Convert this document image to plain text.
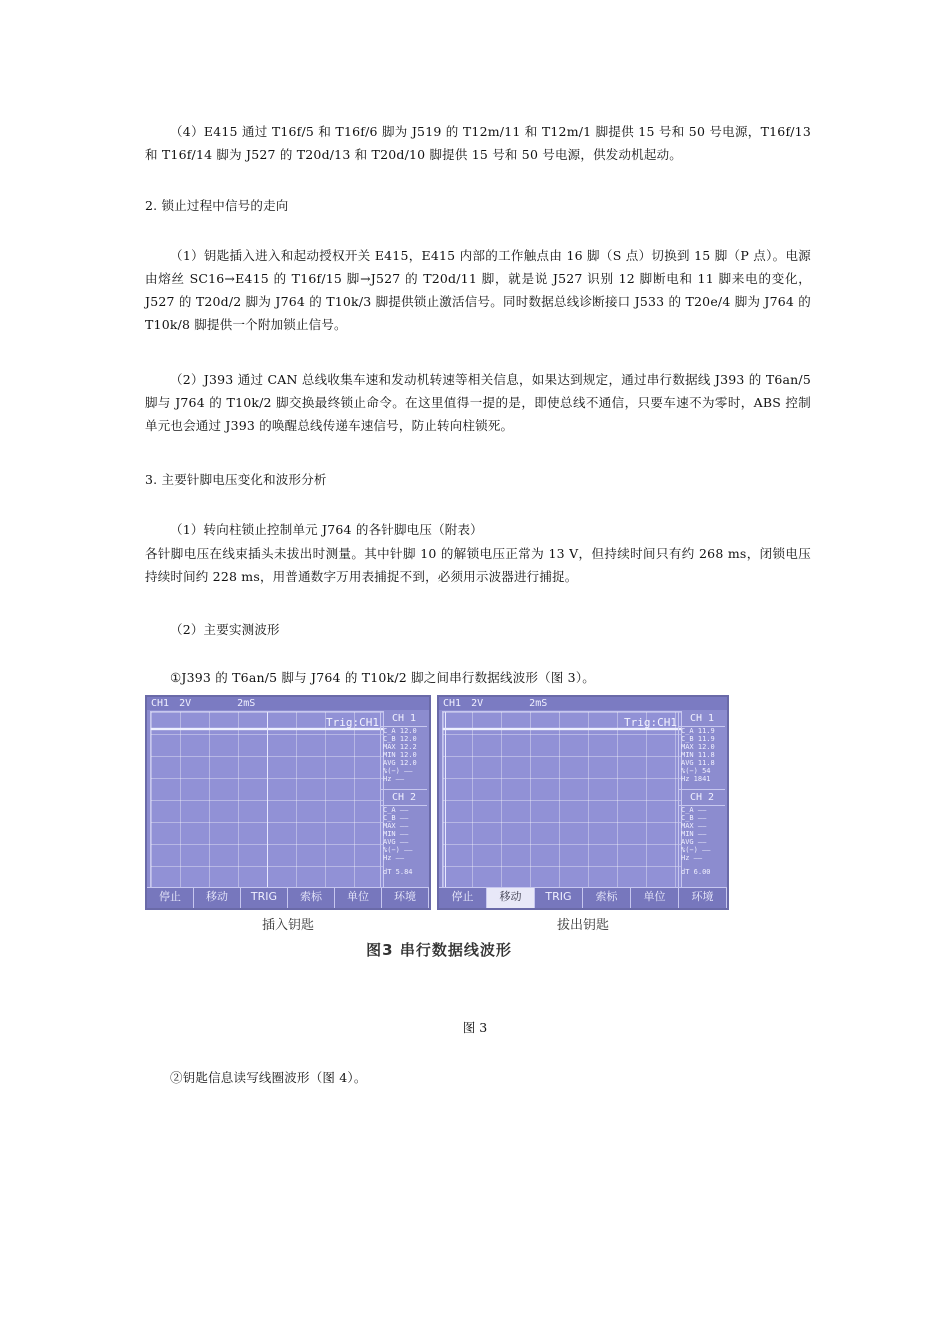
（4）E415 通过 T16f/5 和 T16f/6 脚为 J519 的 T12m/11 和 T12m/1 脚提供 15 号和 50 号电源，T16f/13 和 T16f/14 脚为 J527 的 T20d/13 和 T20d/10 脚提供 15 号和 50 号电源，供发动机起动。

2. 锁止过程中信号的走向

（1）钥匙插入进入和起动授权开关 E415，E415 内部的工作触点由 16 脚（S 点）切换到 15 脚（P 点）。电源由熔丝 SC16→E415 的 T16f/15 脚→J527 的 T20d/11 脚，就是说 J527 识别 12 脚断电和 11 脚来电的变化，J527 的 T20d/2 脚为 J764 的 T10k/3 脚提供锁止激活信号。同时数据总线诊断接口 J533 的 T20e/4 脚为 J764 的 T10k/8 脚提供一个附加锁止信号。

（2）J393 通过 CAN 总线收集车速和发动机转速等相关信息，如果达到规定，通过串行数据线 J393 的 T6an/5 脚与 J764 的 T10k/2 脚交换最终锁止命令。在这里值得一提的是，即使总线不通信，只要车速不为零时，ABS 控制单元也会通过 J393 的唤醒总线传递车速信号，防止转向柱锁死。

3. 主要针脚电压变化和波形分析

（1）转向柱锁止控制单元 J764 的各针脚电压（附表）

各针脚电压在线束插头未拔出时测量。其中针脚 10 的解锁电压正常为 13 V，但持续时间只有约 268 ms，闭锁电压持续时间约 228 ms，用普通数字万用表捕捉不到，必须用示波器进行捕捉。

（2）主要实测波形

①J393 的 T6an/5 脚与 J764 的 T10k/2 脚之间串行数据线波形（图 3）。

CH1 2V	2mS
Trig:CH1	CH 1
C_A 12.0
C_B 12.0
MAX 12.2
MIN 12.0
AVG 12.0
%(−) ——
Hz ——
CH 2
C_A ——
C_B ——
MAX ——
MIN ——
AVG ——
%(−) ——
Hz ——
dT 5.84
停止	移动	TRIG	索标	单位	环境
CH1 2V	2mS
Trig:CH1	CH 1
C_A 11.9
C_B 11.9
MAX 12.0
MIN 11.8
AVG 11.8
%(−) 54
Hz 1841
CH 2
C_A ——
C_B ——
MAX ——
MIN ——
AVG ——
%(−) ——
Hz ——
dT 6.00
停止	移动	TRIG	索标	单位	环境
插入钥匙	拔出钥匙
图3 串行数据线波形
图 3

②钥匙信息读写线圈波形（图 4）。
